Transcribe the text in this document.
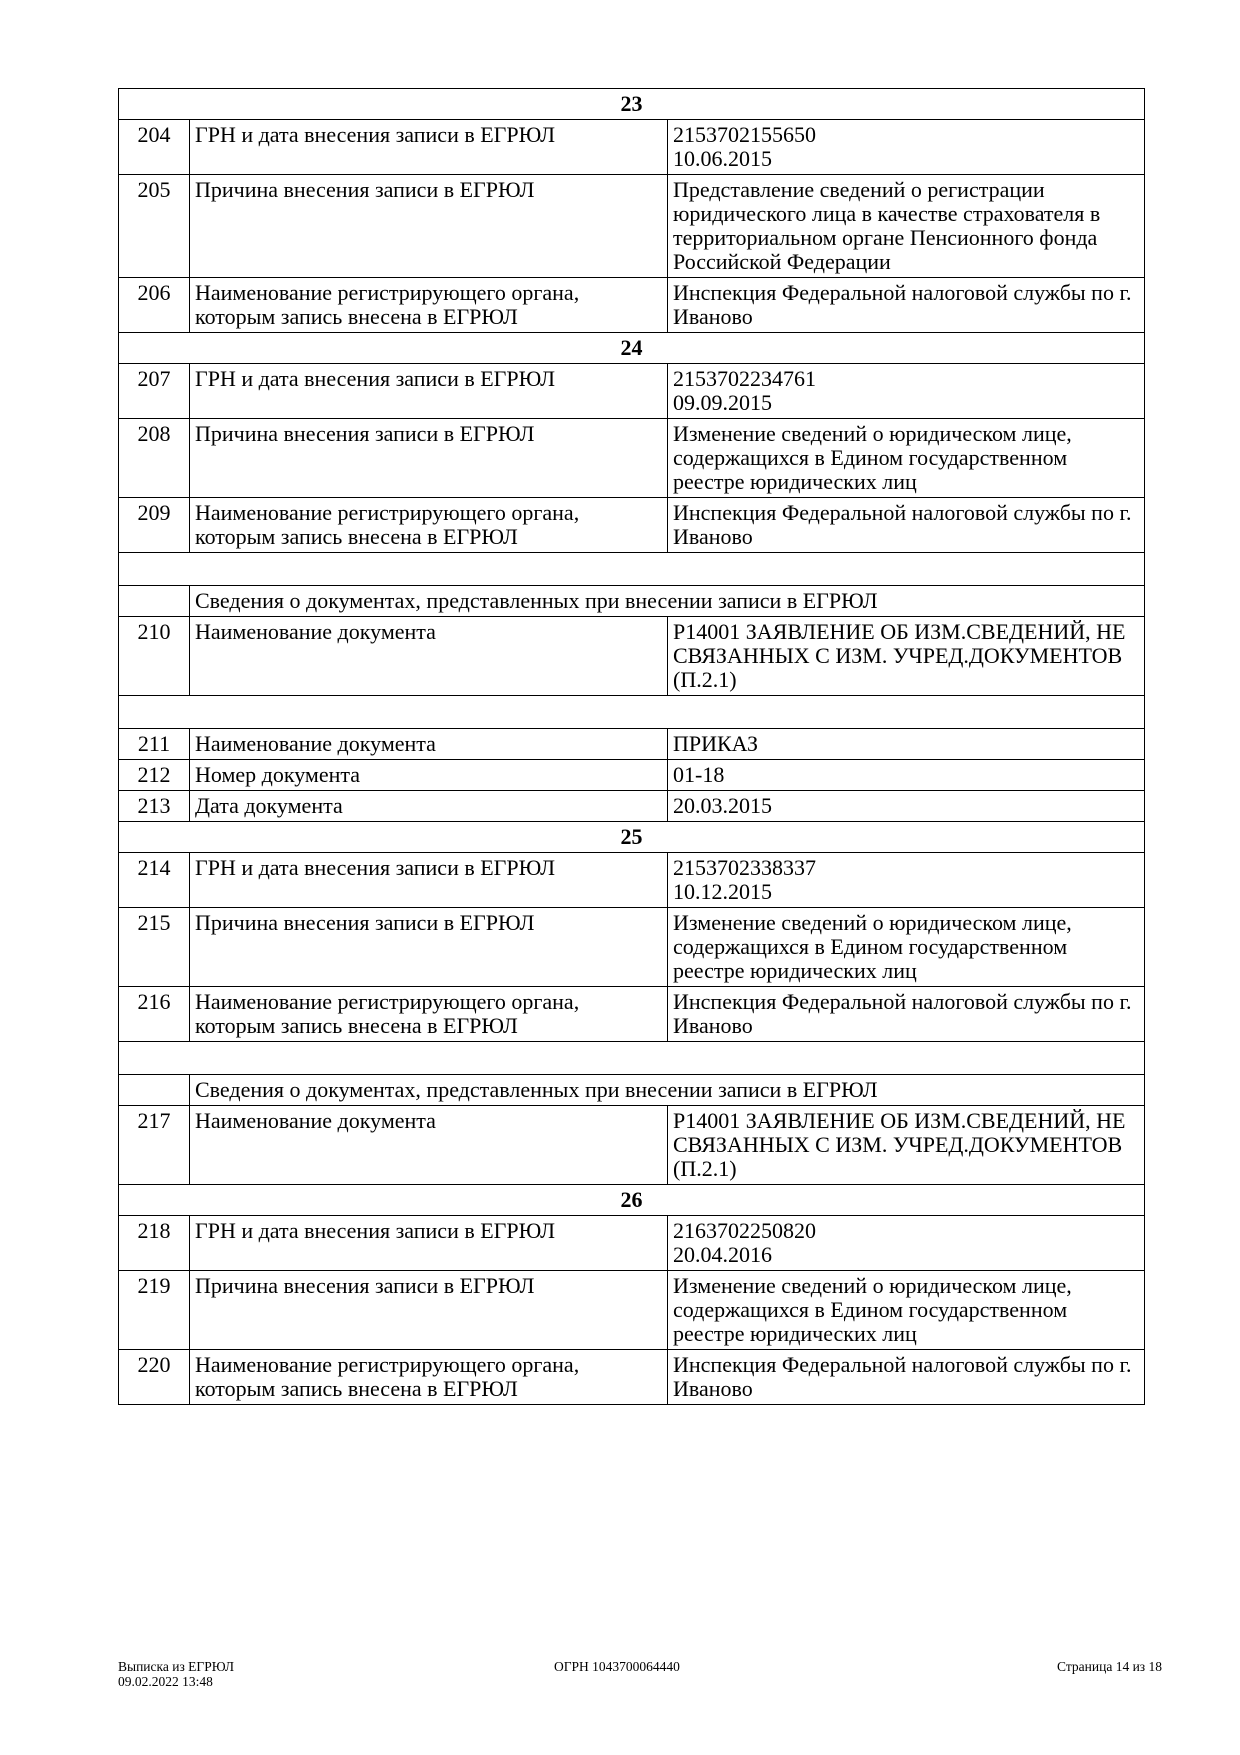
23		
204	ГРН и дата внесения записи в ЕГРЮЛ	2153702155650
10.06.2015
205	Причина внесения записи в ЕГРЮЛ	Представление сведений о регистрации юридического лица в качестве страхователя в территориальном органе Пенсионного фонда Российской Федерации
206	Наименование регистрирующего органа, которым запись внесена в ЕГРЮЛ	Инспекция Федеральной налоговой службы по г. Иваново
24		
207	ГРН и дата внесения записи в ЕГРЮЛ	2153702234761
09.09.2015
208	Причина внесения записи в ЕГРЮЛ	Изменение сведений о юридическом лице, содержащихся в Едином государственном реестре юридических лиц
209	Наименование регистрирующего органа, которым запись внесена в ЕГРЮЛ	Инспекция Федеральной налоговой службы по г. Иваново

	Сведения о документах, представленных при внесении записи в ЕГРЮЛ	
210	Наименование документа	Р14001 ЗАЯВЛЕНИЕ ОБ ИЗМ.СВЕДЕНИЙ, НЕ СВЯЗАННЫХ С ИЗМ. УЧРЕД.ДОКУМЕНТОВ (П.2.1)

211	Наименование документа	ПРИКАЗ
212	Номер документа	01-18
213	Дата документа	20.03.2015
25		
214	ГРН и дата внесения записи в ЕГРЮЛ	2153702338337
10.12.2015
215	Причина внесения записи в ЕГРЮЛ	Изменение сведений о юридическом лице, содержащихся в Едином государственном реестре юридических лиц
216	Наименование регистрирующего органа, которым запись внесена в ЕГРЮЛ	Инспекция Федеральной налоговой службы по г. Иваново

	Сведения о документах, представленных при внесении записи в ЕГРЮЛ	
217	Наименование документа	Р14001 ЗАЯВЛЕНИЕ ОБ ИЗМ.СВЕДЕНИЙ, НЕ СВЯЗАННЫХ С ИЗМ. УЧРЕД.ДОКУМЕНТОВ (П.2.1)
26		
218	ГРН и дата внесения записи в ЕГРЮЛ	2163702250820
20.04.2016
219	Причина внесения записи в ЕГРЮЛ	Изменение сведений о юридическом лице, содержащихся в Едином государственном реестре юридических лиц
220	Наименование регистрирующего органа, которым запись внесена в ЕГРЮЛ	Инспекция Федеральной налоговой службы по г. Иваново

Выписка из ЕГРЮЛ
09.02.2022 13:48

ОГРН 1043700064440	Страница 14 из 18
